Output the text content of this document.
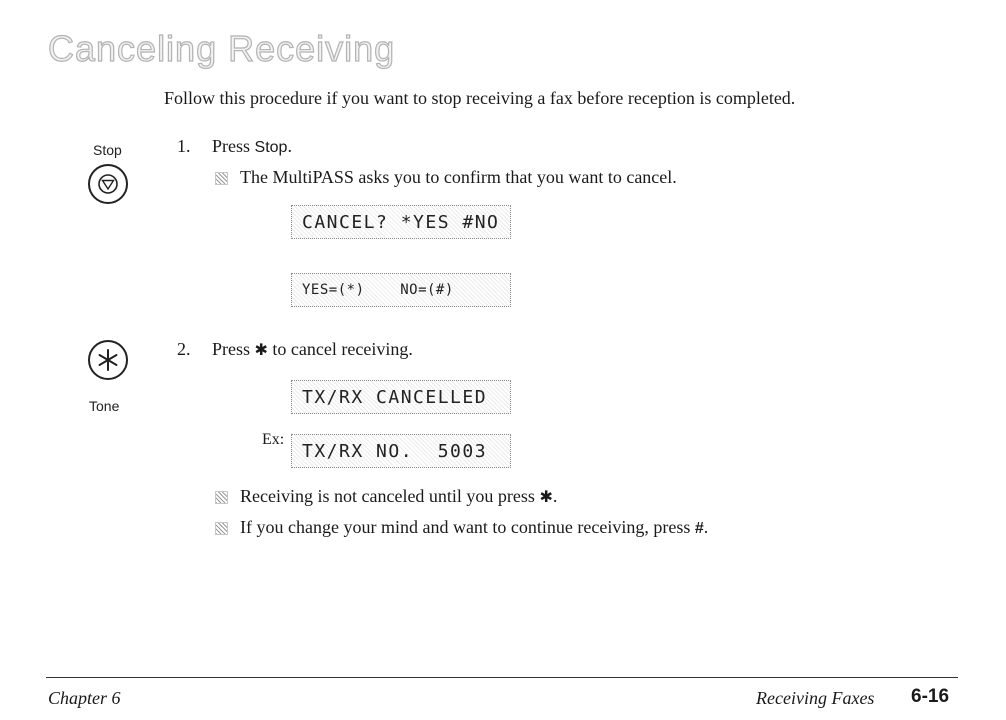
Canceling Receiving
Follow this procedure if you want to stop receiving a fax before reception is completed.
Stop	1. Press Stop.
The MultiPASS asks you to confirm that you want to cancel.
CANCEL? *YES #NO
YES=(*)    NO=(#)
Tone
2. Press ✱ to cancel receiving.
TX/RX CANCELLED
Ex:
TX/RX NO.  5003
Receiving is not canceled until you press ✱.
If you change your mind and want to continue receiving, press #.
Chapter 6	Receiving Faxes 6-16
